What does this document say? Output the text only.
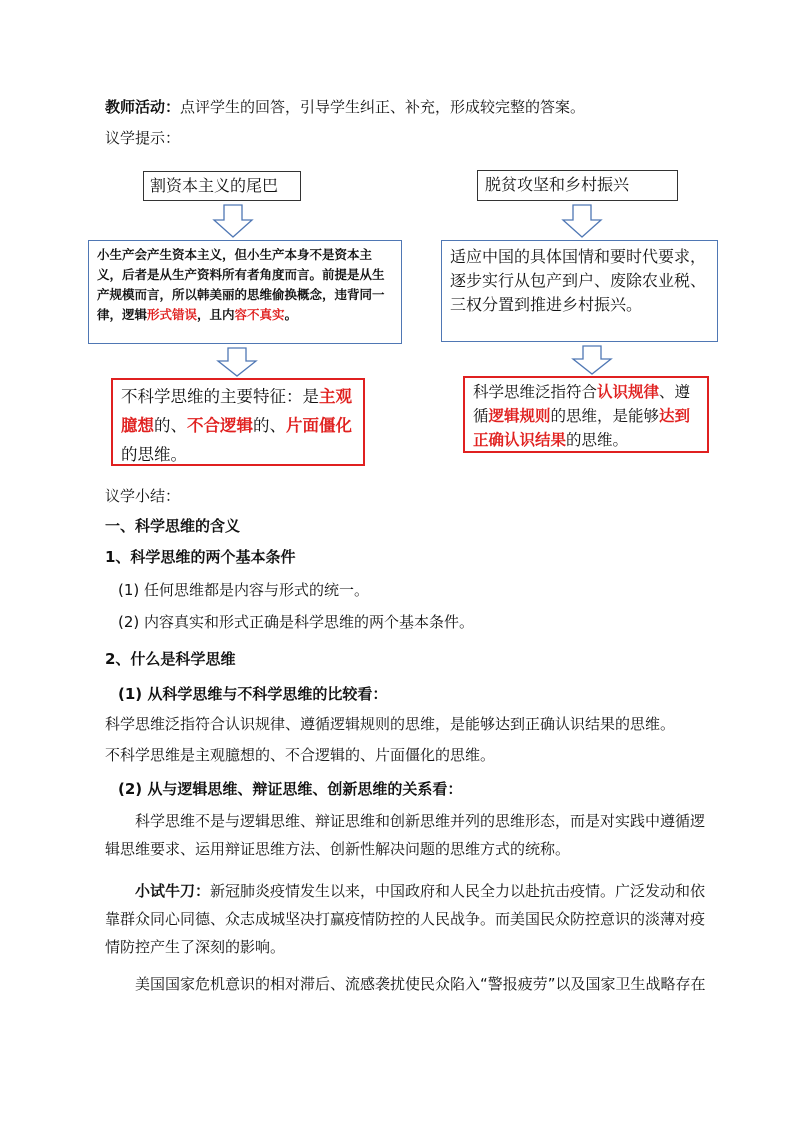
教师活动：点评学生的回答，引导学生纠正、补充，形成较完整的答案。
议学提示：
割资本主义的尾巴
小生产会产生资本主义，但小生产本身不是资本主义，后者是从生产资料所有者角度而言。前提是从生产规模而言，所以韩美丽的思维偷换概念，违背同一律，逻辑形式错误，且内容不真实。
不科学思维的主要特征：是主观臆想的、不合逻辑的、片面僵化的思维。
脱贫攻坚和乡村振兴
适应中国的具体国情和要时代要求，逐步实行从包产到户、废除农业税、三权分置到推进乡村振兴。
科学思维泛指符合认识规律、遵循逻辑规则的思维，是能够达到正确认识结果的思维。
议学小结：
一、科学思维的含义
1、科学思维的两个基本条件
(1) 任何思维都是内容与形式的统一。
(2) 内容真实和形式正确是科学思维的两个基本条件。
2、什么是科学思维
(1) 从科学思维与不科学思维的比较看：
科学思维泛指符合认识规律、遵循逻辑规则的思维，是能够达到正确认识结果的思维。
不科学思维是主观臆想的、不合逻辑的、片面僵化的思维。
(2) 从与逻辑思维、辩证思维、创新思维的关系看：
科学思维不是与逻辑思维、辩证思维和创新思维并列的思维形态，而是对实践中遵循逻辑思维要求、运用辩证思维方法、创新性解决问题的思维方式的统称。
小试牛刀：新冠肺炎疫情发生以来，中国政府和人民全力以赴抗击疫情。广泛发动和依靠群众同心同德、众志成城坚决打赢疫情防控的人民战争。而美国民众防控意识的淡薄对疫情防控产生了深刻的影响。
美国国家危机意识的相对滞后、流感袭扰使民众陷入“警报疲劳”以及国家卫生战略存在
